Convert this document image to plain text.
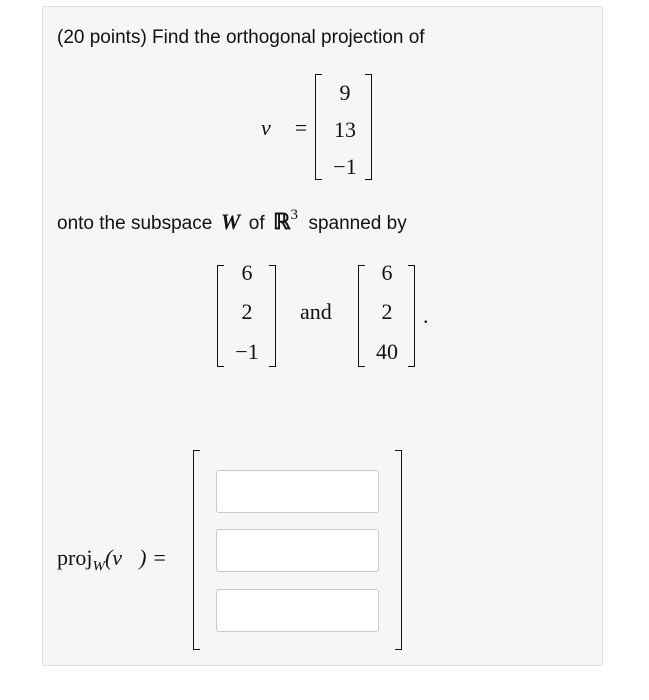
(20 points) Find the orthogonal projection of
v⃗ =
9
13
−1
onto the subspace W of ℝ$^3$ spanned by
6
2
−1
and
6
2
40
.
proj$_W$(v⃗) =
